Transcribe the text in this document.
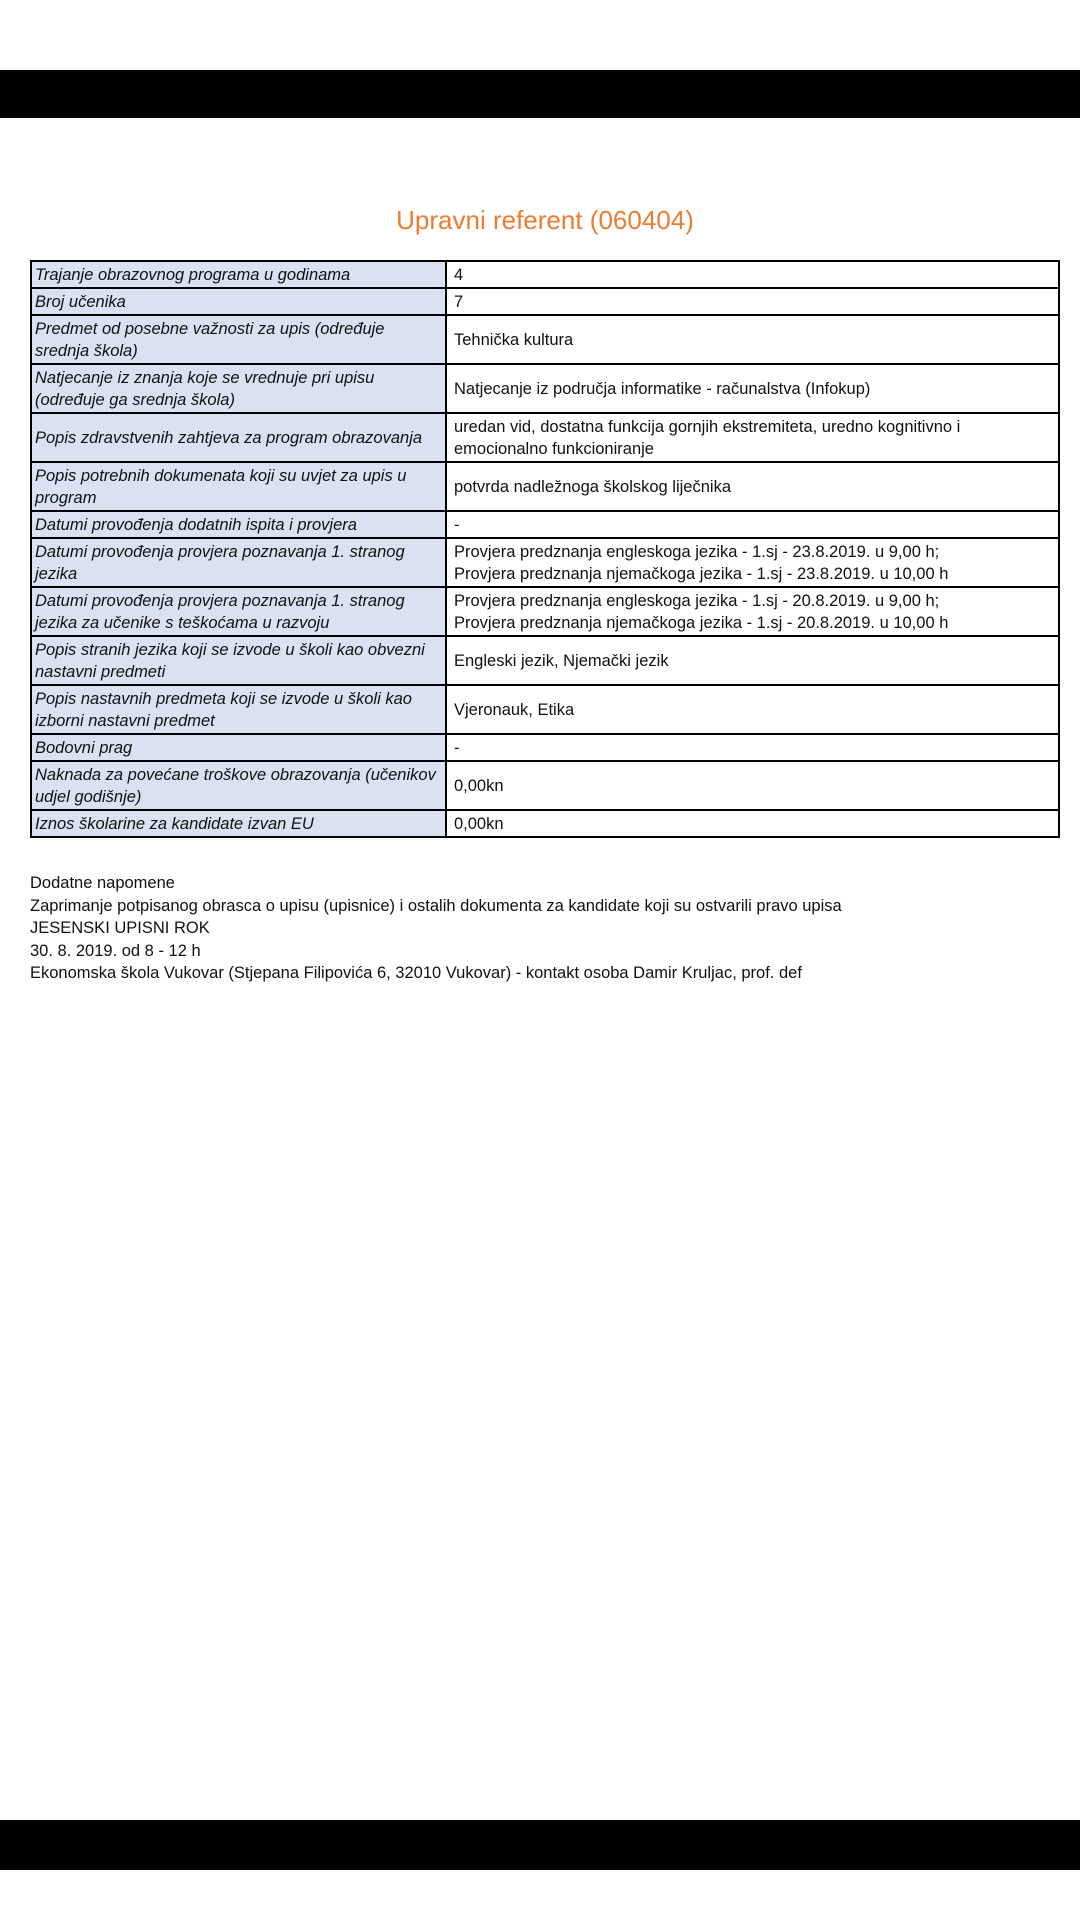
Upravni referent (060404)
Trajanje obrazovnog programa u godinama	4

Broj učenika	7

Predmet od posebne važnosti za upis (određuje srednja škola)	Tehnička kultura

Natjecanje iz znanja koje se vrednuje pri upisu (određuje ga srednja škola)	Natjecanje iz područja informatike - računalstva (Infokup)

Popis zdravstvenih zahtjeva za program obrazovanja	uredan vid, dostatna funkcija gornjih ekstremiteta, uredno kognitivno i emocionalno funkcioniranje

Popis potrebnih dokumenata koji su uvjet za upis u program	potvrda nadležnoga školskog liječnika

Datumi provođenja dodatnih ispita i provjera	-

Datumi provođenja provjera poznavanja 1. stranog jezika	Provjera predznanja engleskoga jezika - 1.sj - 23.8.2019. u 9,00 h;
Provjera predznanja njemačkoga jezika - 1.sj - 23.8.2019. u 10,00 h

Datumi provođenja provjera poznavanja 1. stranog jezika za učenike s teškoćama u razvoju	Provjera predznanja engleskoga jezika - 1.sj - 20.8.2019. u 9,00 h;
Provjera predznanja njemačkoga jezika - 1.sj - 20.8.2019. u 10,00 h

Popis stranih jezika koji se izvode u školi kao obvezni nastavni predmeti	Engleski jezik, Njemački jezik

Popis nastavnih predmeta koji se izvode u školi kao izborni nastavni predmet	Vjeronauk, Etika

Bodovni prag	-

Naknada za povećane troškove obrazovanja (učenikov udjel godišnje)	0,00kn

Iznos školarine za kandidate izvan EU	0,00kn
Dodatne napomene
Zaprimanje potpisanog obrasca o upisu (upisnice) i ostalih dokumenta za kandidate koji su ostvarili pravo upisa
JESENSKI UPISNI ROK
30. 8. 2019. od 8 - 12 h
Ekonomska škola Vukovar (Stjepana Filipovića 6, 32010 Vukovar) - kontakt osoba Damir Kruljac, prof. def
